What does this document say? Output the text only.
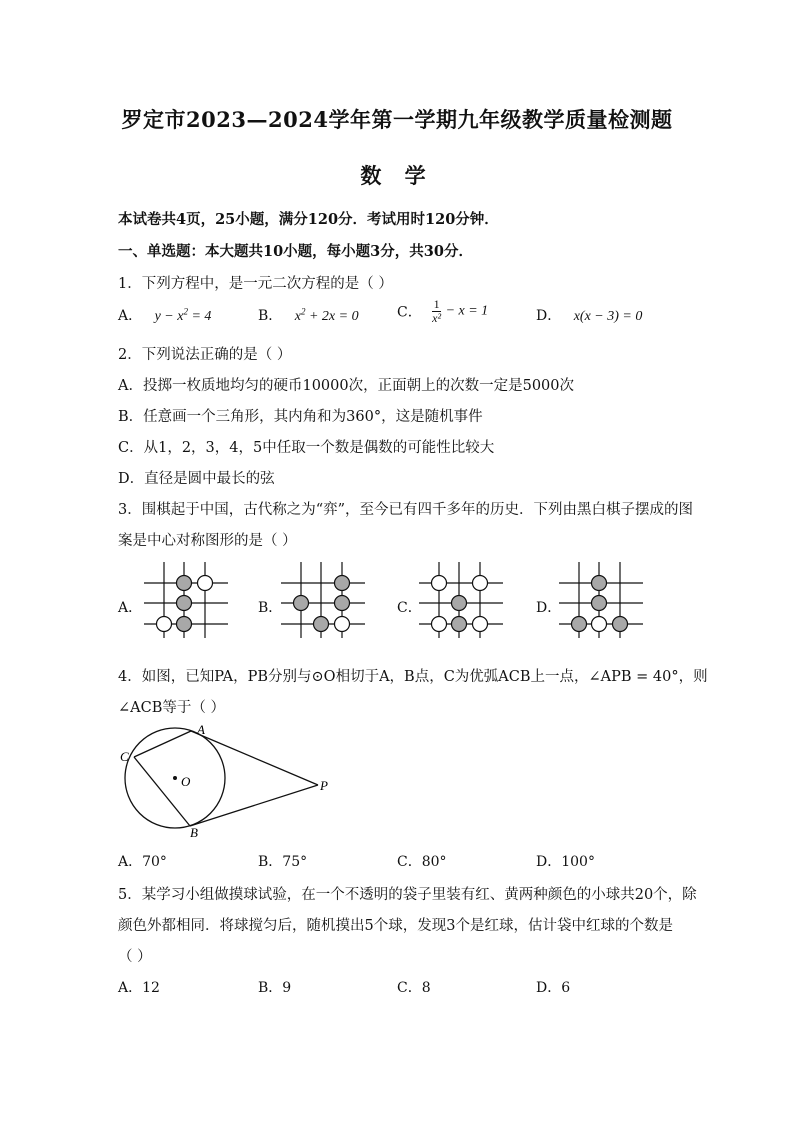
罗定市2023—2024学年第一学期九年级教学质量检测题
数 学
本试卷共4页，25小题，满分120分．考试用时120分钟．
一、单选题：本大题共10小题，每小题3分，共30分．
1．下列方程中，是一元二次方程的是（ ）
A． $y - x^2 = 4$	B． $x^2 + 2x = 0$	C． $\frac{1}{\text{x²}} - x = 1$	D． x(x − 3) = 0
2．下列说法正确的是（ ）
A．投掷一枚质地均匀的硬币10000次，正面朝上的次数一定是5000次
B．任意画一个三角形，其内角和为360°，这是随机事件
C．从1，2，3，4，5中任取一个数是偶数的可能性比较大
D．直径是圆中最长的弦
3．围棋起于中国，古代称之为“弈”，至今已有四千多年的历史．下列由黑白棋子摆成的图
案是中心对称图形的是（ ）
A．	B．	C．	D．
4．如图，已知PA，PB分别与⊙O相切于A，B点，C为优弧ACB上一点，∠APB = 40°，则
∠ACB等于（ ）
A
C
O	P
B
A．70°	B．75°	C．80°	D．100°
5．某学习小组做摸球试验，在一个不透明的袋子里装有红、黄两种颜色的小球共20个，除
颜色外都相同．将球搅匀后，随机摸出5个球，发现3个是红球，估计袋中红球的个数是
（ ）
A．12	B．9	C．8	D．6
